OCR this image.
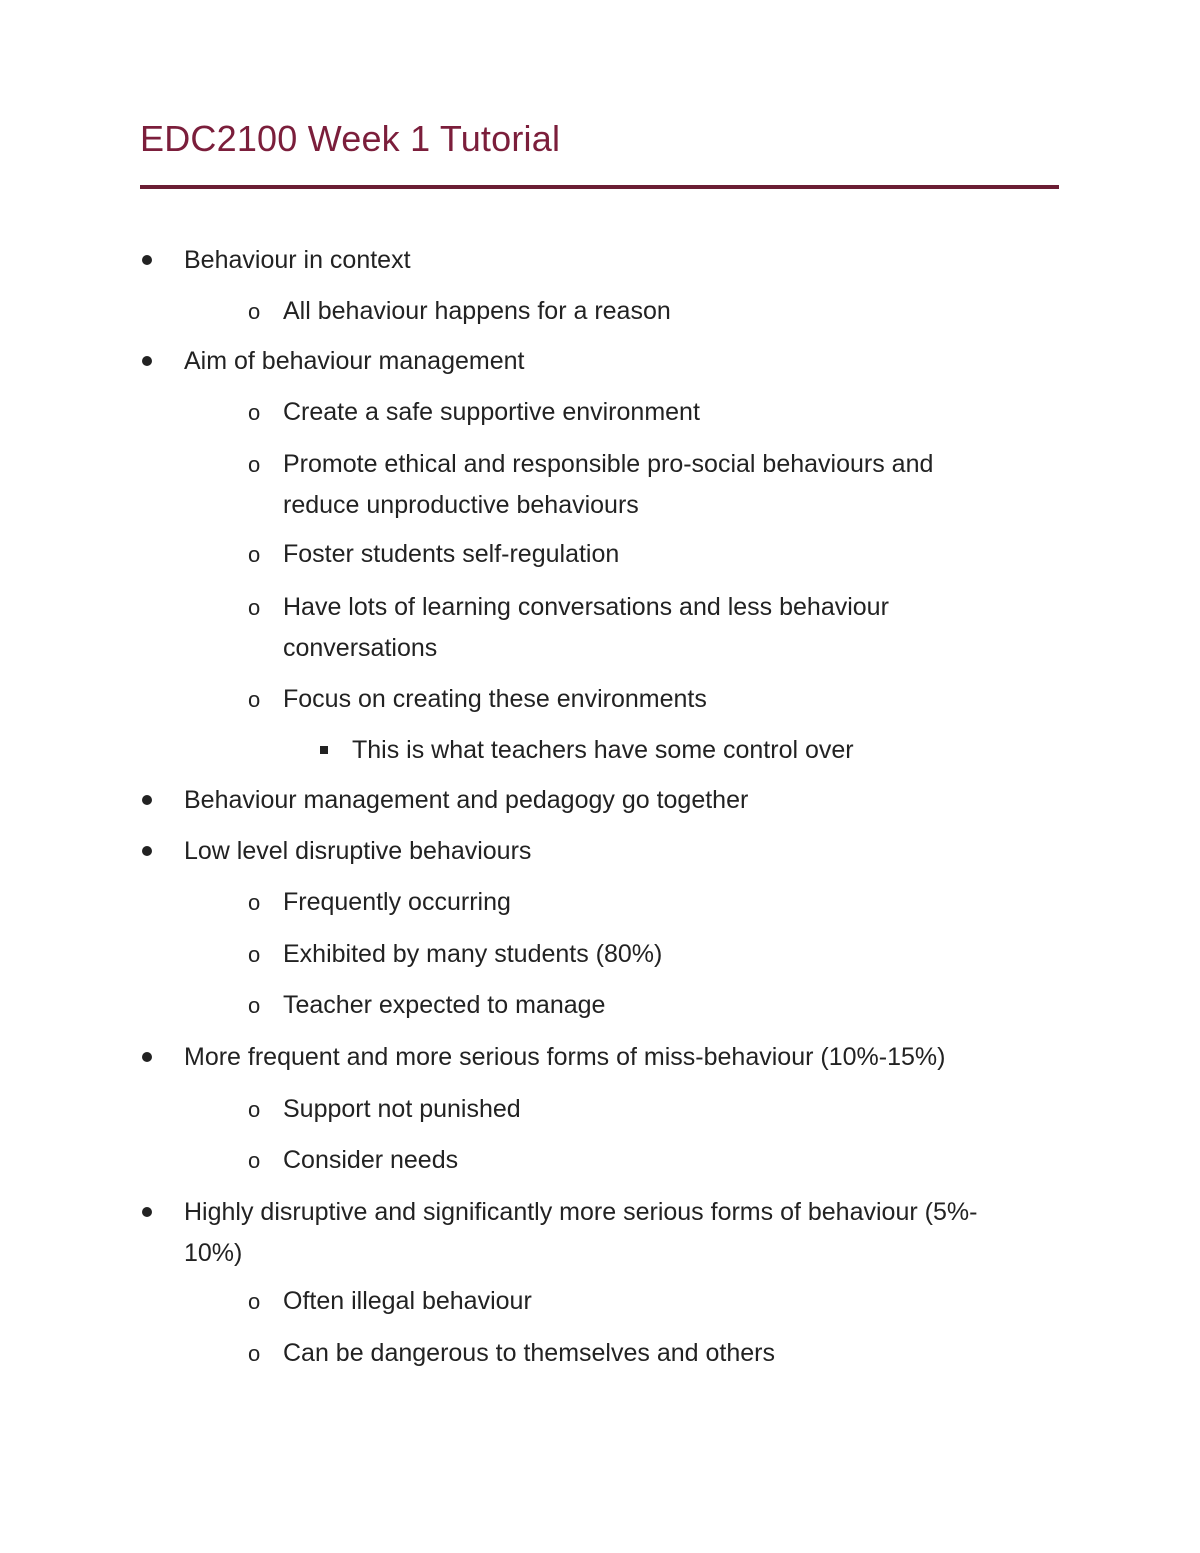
EDC2100 Week 1 Tutorial
Behaviour in context
o All behaviour happens for a reason
Aim of behaviour management
o Create a safe supportive environment
o Promote ethical and responsible pro-social behaviours and
reduce unproductive behaviours
o Foster students self-regulation
o Have lots of learning conversations and less behaviour
conversations
o Focus on creating these environments
This is what teachers have some control over
Behaviour management and pedagogy go together
Low level disruptive behaviours
o Frequently occurring
o Exhibited by many students (80%)
o Teacher expected to manage
More frequent and more serious forms of miss-behaviour (10%-15%)
o Support not punished
o Consider needs
Highly disruptive and significantly more serious forms of behaviour (5%-
10%)
o Often illegal behaviour
o Can be dangerous to themselves and others
